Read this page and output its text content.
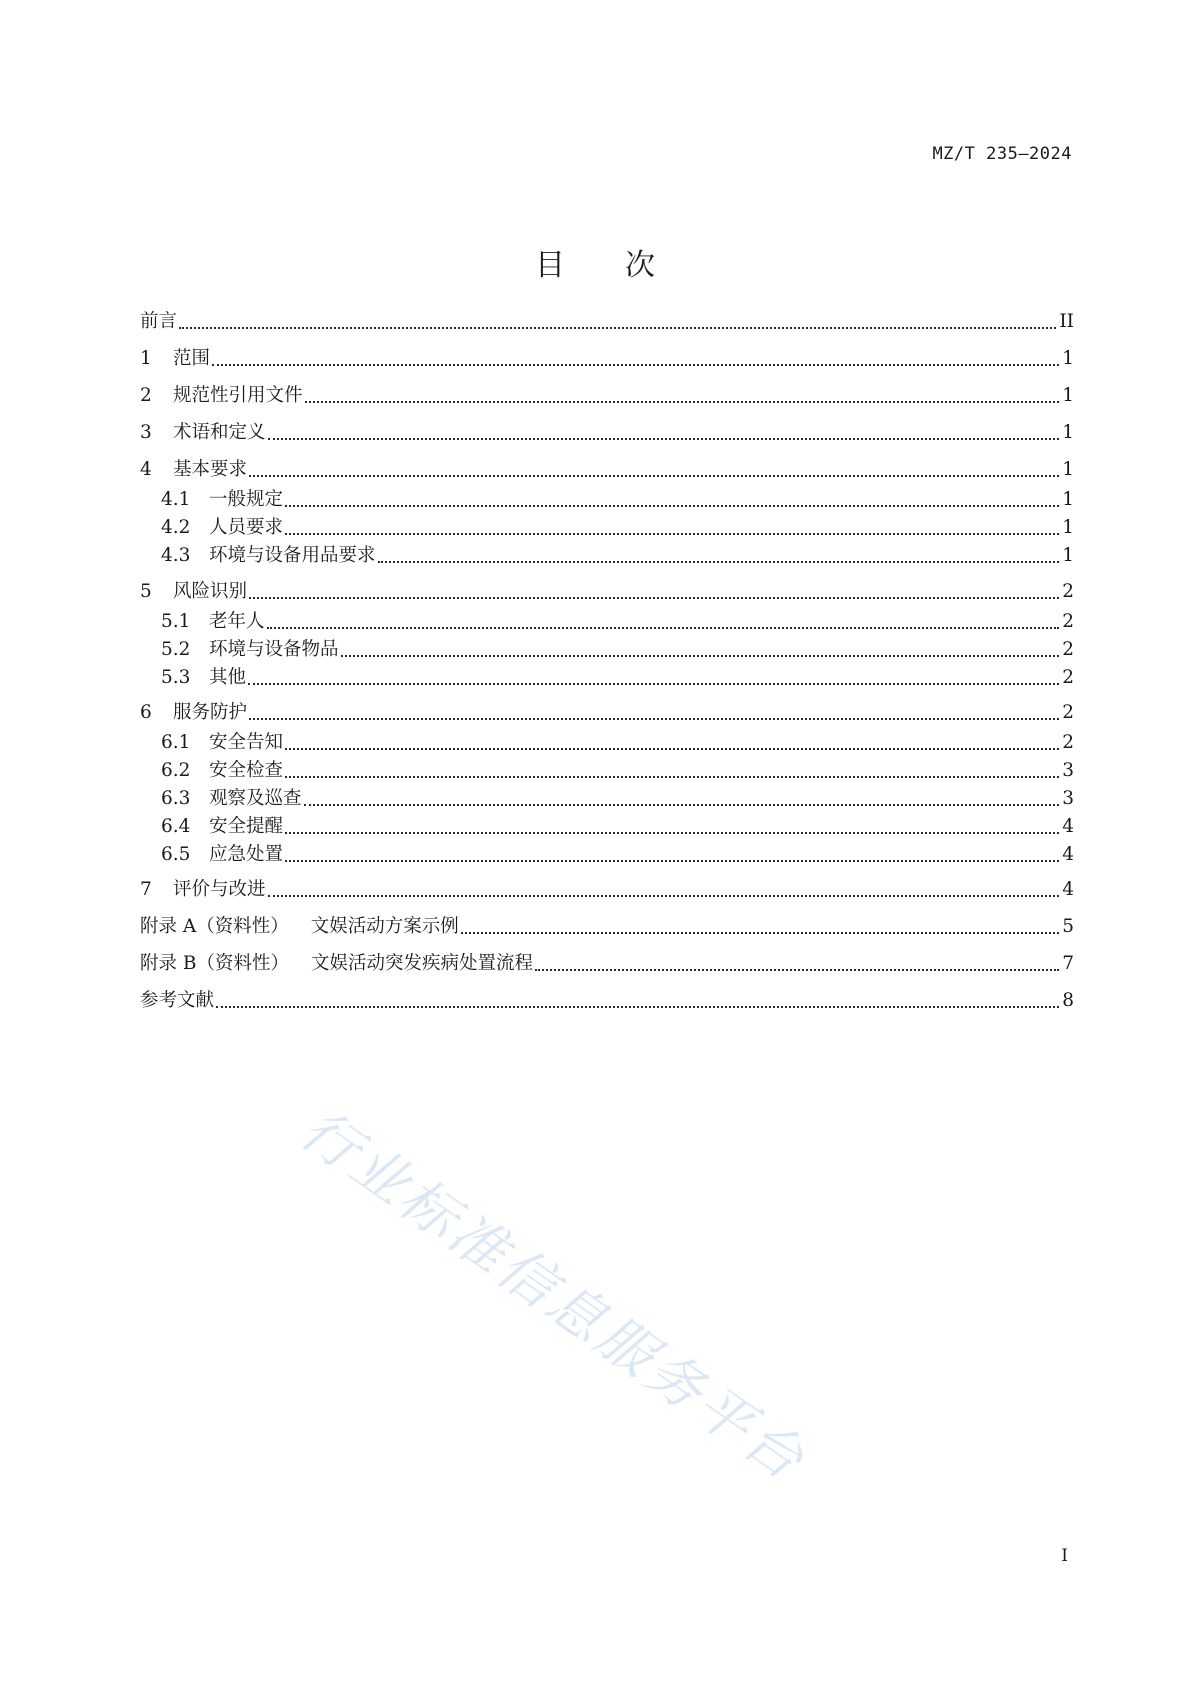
MZ/T 235—2024
目 次
前言	II
1	范围	1
2	规范性引用文件	1
3	术语和定义	1
4	基本要求	1
4.1	一般规定	1
4.2	人员要求	1
4.3	环境与设备用品要求	1
5	风险识别	2
5.1	老年人	2
5.2	环境与设备物品	2
5.3	其他	2
6	服务防护	2
6.1	安全告知	2
6.2	安全检查	3
6.3	观察及巡查	3
6.4	安全提醒	4
6.5	应急处置	4
7	评价与改进	4
附录 A（资料性） 文娱活动方案示例	5
附录 B（资料性） 文娱活动突发疾病处置流程	7
参考文献	8
行业标准信息服务平台
I
